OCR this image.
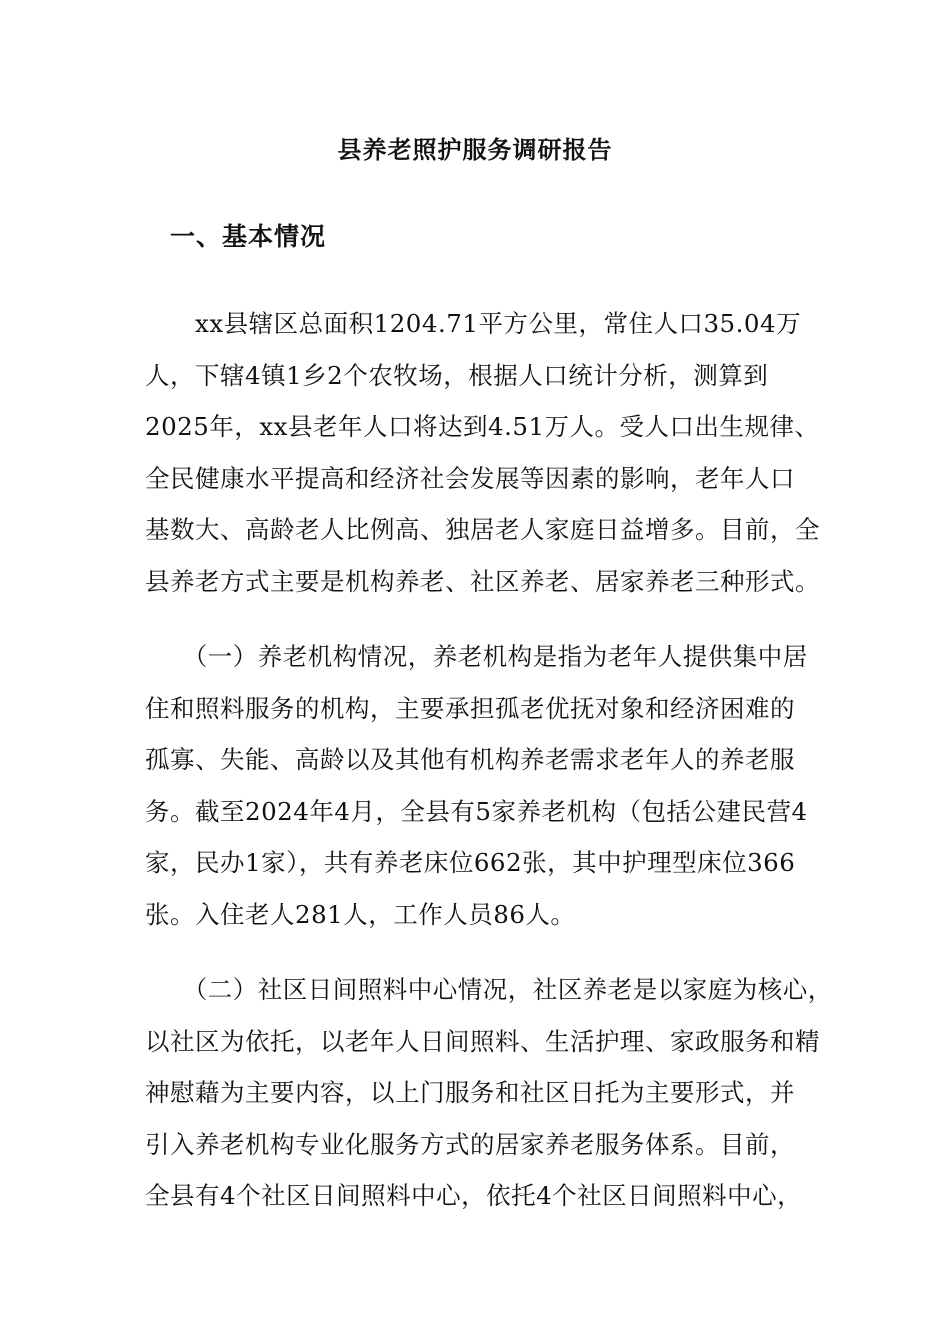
县养老照护服务调研报告
一、基本情况
　　xx县辖区总面积1204.71平方公里，常住人口35.04万
人，下辖4镇1乡2个农牧场，根据人口统计分析，测算到
2025年，xx县老年人口将达到4.51万人。受人口出生规律、
全民健康水平提高和经济社会发展等因素的影响，老年人口
基数大、高龄老人比例高、独居老人家庭日益增多。目前，全
县养老方式主要是机构养老、社区养老、居家养老三种形式。
　　（一）养老机构情况，养老机构是指为老年人提供集中居
住和照料服务的机构，主要承担孤老优抚对象和经济困难的
孤寡、失能、高龄以及其他有机构养老需求老年人的养老服
务。截至2024年4月，全县有5家养老机构（包括公建民营4
家，民办1家），共有养老床位662张，其中护理型床位366
张。入住老人281人，工作人员86人。
　　（二）社区日间照料中心情况，社区养老是以家庭为核心，
以社区为依托，以老年人日间照料、生活护理、家政服务和精
神慰藉为主要内容，以上门服务和社区日托为主要形式，并
引入养老机构专业化服务方式的居家养老服务体系。目前，
全县有4个社区日间照料中心，依托4个社区日间照料中心，
